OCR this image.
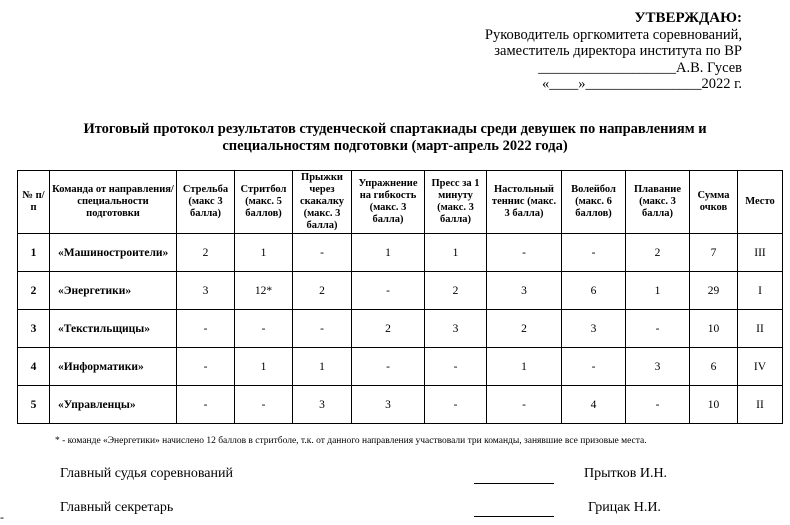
УТВЕРЖДАЮ:
Руководитель оргкомитета соревнований,
заместитель директора института по ВР
___________________А.В. Гусев
«____»________________2022 г.
Итоговый протокол результатов студенческой спартакиады среди девушек по направлениям и
специальностям подготовки (март-апрель 2022 года)
№ п/п	Команда от направления/ специальности подготовки	Стрельба (макс 3 балла)	Стритбол (макс. 5 баллов)	Прыжки через скакалку (макс. 3 балла)	Упражнение на гибкость (макс. 3 балла)	Пресс за 1 минуту (макс. 3 балла)	Настольный теннис (макс. 3 балла)	Волейбол (макс. 6 баллов)	Плавание (макс. 3 балла)	Сумма очков	Место
1	«Машиностроители»	2	1	-	1	1	-	-	2	7	III
2	«Энергетики»	3	12*	2	-	2	3	6	1	29	I
3	«Текстильщицы»	-	-	-	2	3	2	3	-	10	II
4	«Информатики»	-	1	1	-	-	1	-	3	6	IV
5	«Управленцы»	-	-	3	3	-	-	4	-	10	II
* - команде «Энергетики» начислено 12 баллов в стритболе, т.к. от данного направления участвовали три команды, занявшие все призовые места.
Главный судья соревнований	Прытков И.Н.
Главный секретарь	Грицак Н.И.
-
